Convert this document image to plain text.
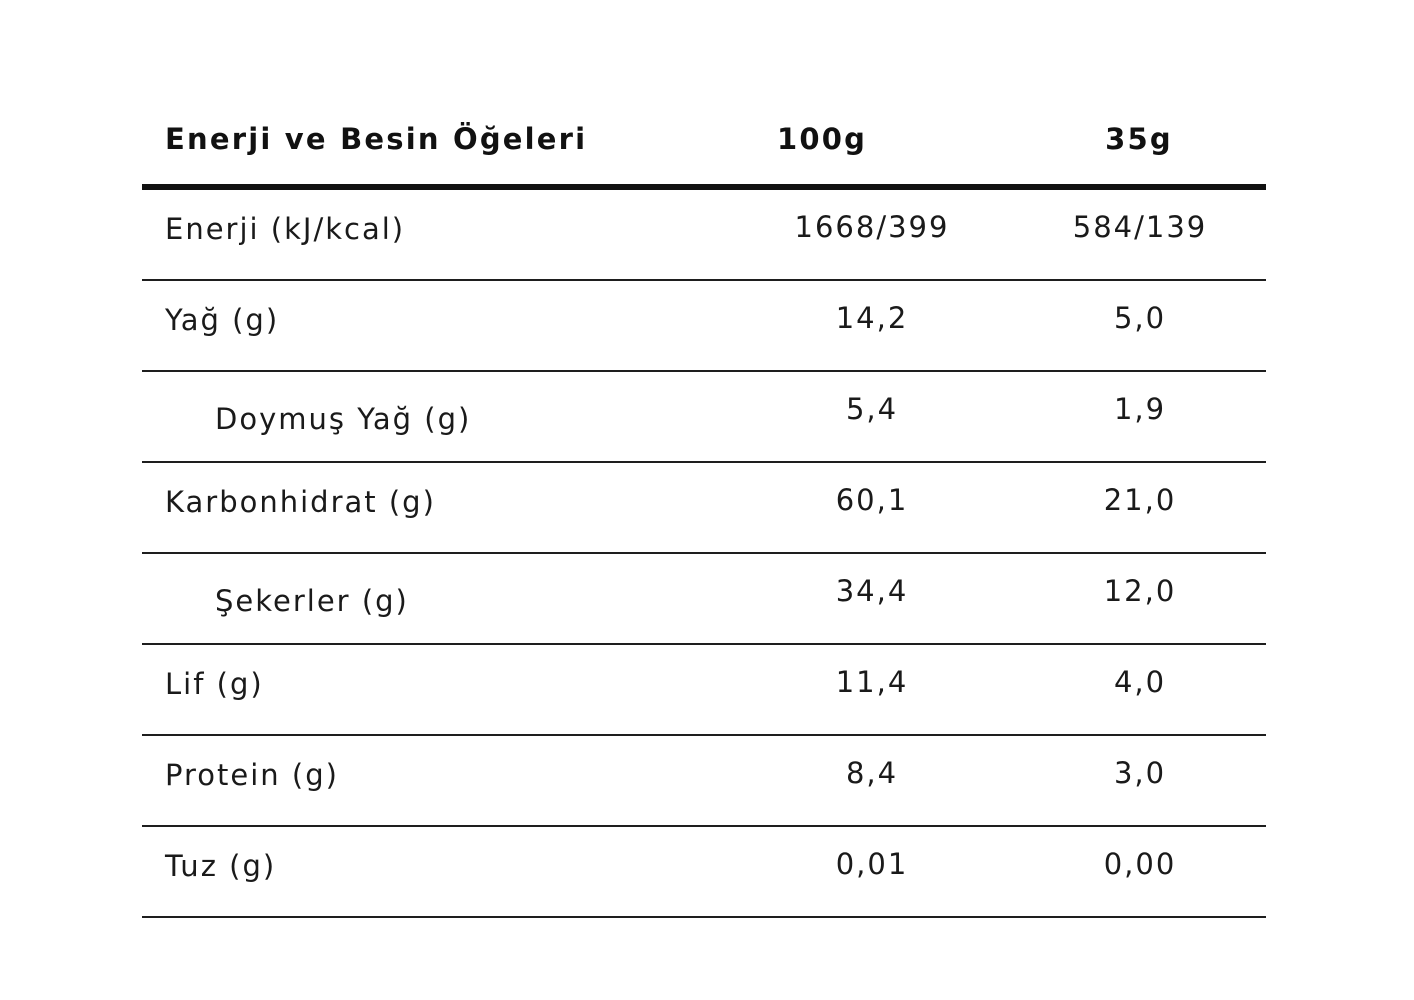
Enerji ve Besin Öğeleri	100g	35g
Enerji (kJ/kcal)	1668/399	584/139
Yağ (g)	14,2	5,0
Doymuş Yağ (g)	5,4	1,9
Karbonhidrat (g)	60,1	21,0
Şekerler (g)	34,4	12,0
Lif (g)	11,4	4,0
Protein (g)	8,4	3,0
Tuz (g)	0,01	0,00
